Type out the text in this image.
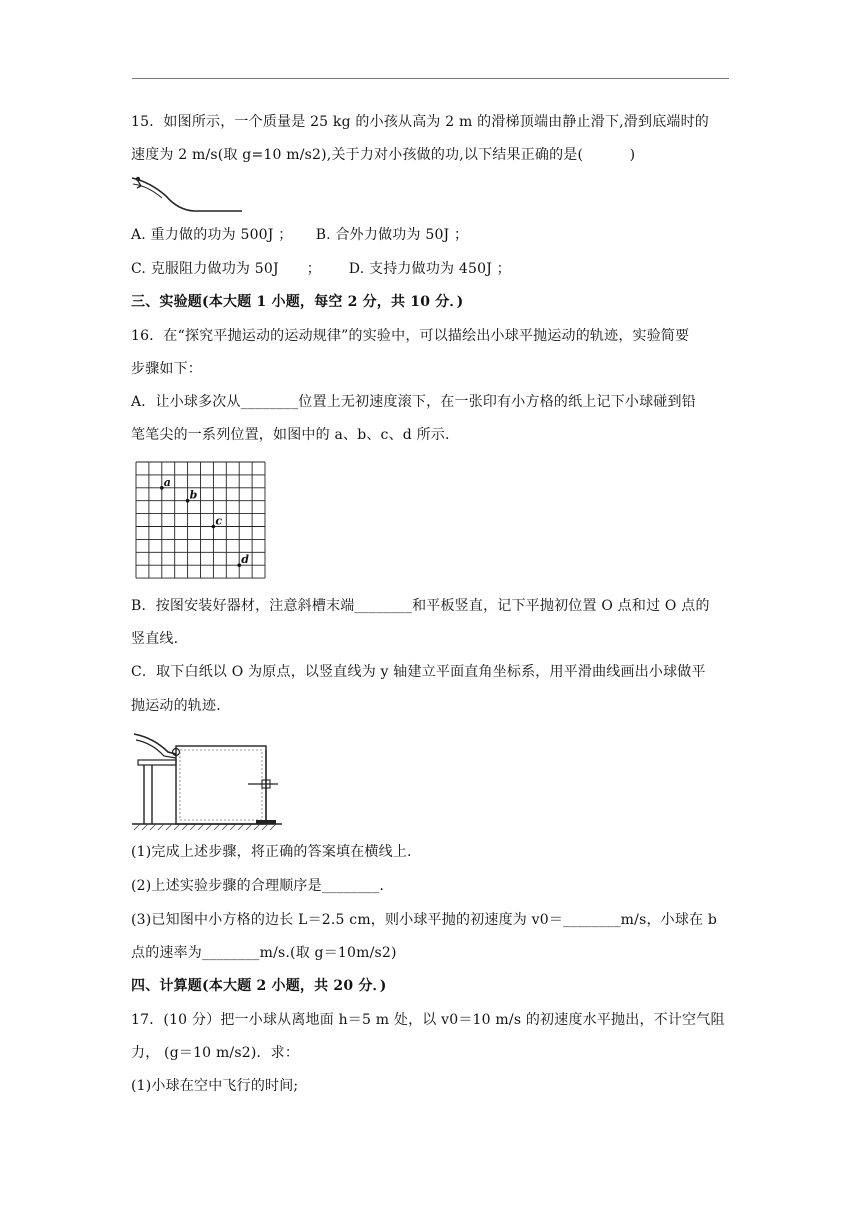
15．如图所示，一个质量是 25 kg 的小孩从高为 2 m 的滑梯顶端由静止滑下,滑到底端时的
速度为 2 m/s(取 g=10 m/s2),关于力对小孩做的功,以下结果正确的是(          )
A. 重力做的功为 500J ；     B. 合外力做功为 50J ；
C. 克服阻力做功为 50J      ；      D. 支持力做功为 450J ；
三、实验题(本大题 1 小题，每空 2 分，共 10 分．)
16．在“探究平抛运动的运动规律”的实验中，可以描绘出小球平抛运动的轨迹，实验简要
步骤如下：
A．让小球多次从________位置上无初速度滚下，在一张印有小方格的纸上记下小球碰到铅
笔笔尖的一系列位置，如图中的 a、b、c、d 所示.
a
b
c
d
B．按图安装好器材，注意斜槽末端________和平板竖直，记下平抛初位置 O 点和过 O 点的
竖直线.
C．取下白纸以 O 为原点，以竖直线为 y 轴建立平面直角坐标系，用平滑曲线画出小球做平
抛运动的轨迹.
(1)完成上述步骤，将正确的答案填在横线上.
(2)上述实验步骤的合理顺序是________.
(3)已知图中小方格的边长 L＝2.5 cm，则小球平抛的初速度为 v0＝________m/s，小球在 b
点的速率为________m/s.(取 g＝10m/s2)
四、计算题(本大题 2 小题，共 20 分．)
17．(10 分）把一小球从离地面 h＝5 m 处，以 v0＝10 m/s 的初速度水平抛出，不计空气阻
力， (g＝10 m/s2)．求：
(1)小球在空中飞行的时间;
